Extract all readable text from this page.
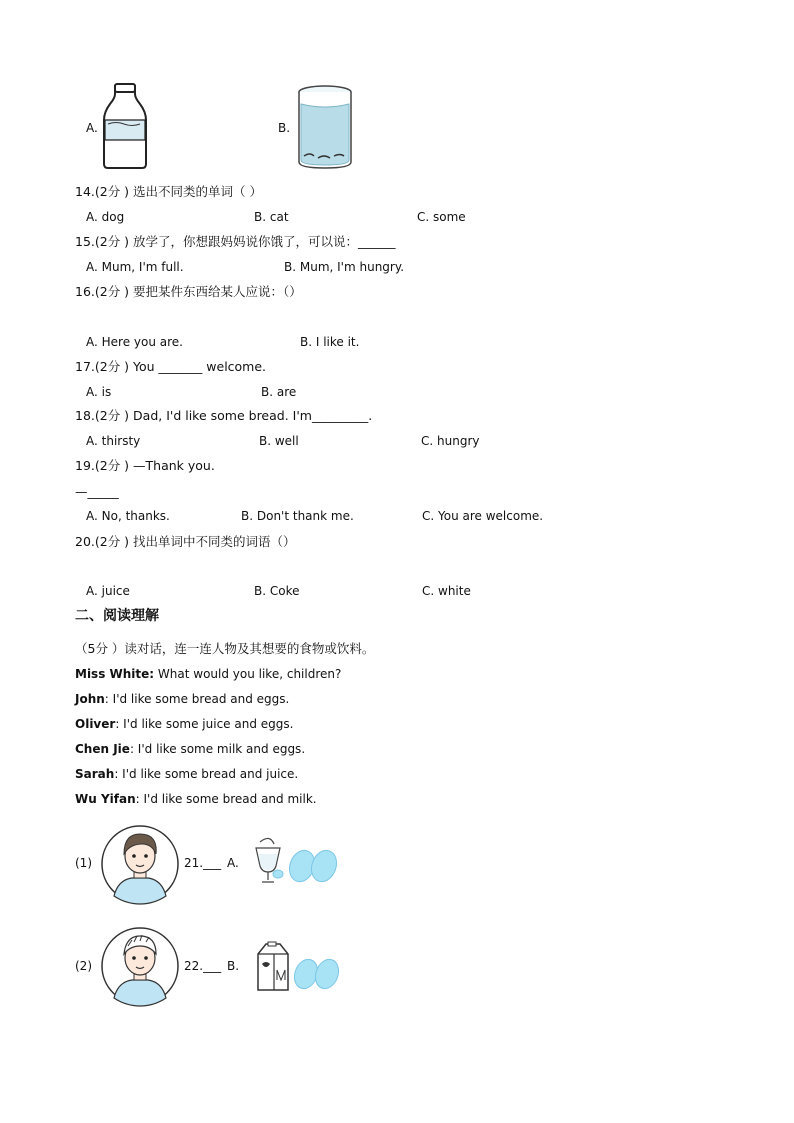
A.	B.
14.(2分 ) 选出不同类的单词（ ）
A. dog	B. cat	C. some
15.(2分 ) 放学了，你想跟妈妈说你饿了，可以说：______
A. Mum, I'm full.	B. Mum, I'm hungry.
16.(2分 ) 要把某件东西给某人应说：（）
A. Here you are.	B. I like it.
17.(2分 ) You _______ welcome.
A. is	B. are
18.(2分 ) Dad, I'd like some bread. I'm_________.
A. thirsty	B. well	C. hungry
19.(2分 ) —Thank you.
—_____
A. No, thanks.	B. Don't thank me.	C. You are welcome.
20.(2分 ) 找出单词中不同类的词语（）
A. juice	B. Coke	C. white
二、阅读理解
（5分 ）读对话，连一连人物及其想要的食物或饮料。
Miss White: What would you like, children?
John: I'd like some bread and eggs.
Oliver: I'd like some juice and eggs.
Chen Jie: I'd like some milk and eggs.
Sarah: I'd like some bread and juice.
Wu Yifan: I'd like some bread and milk.
(1)	21.___ A.
(2)	22.___ B.
